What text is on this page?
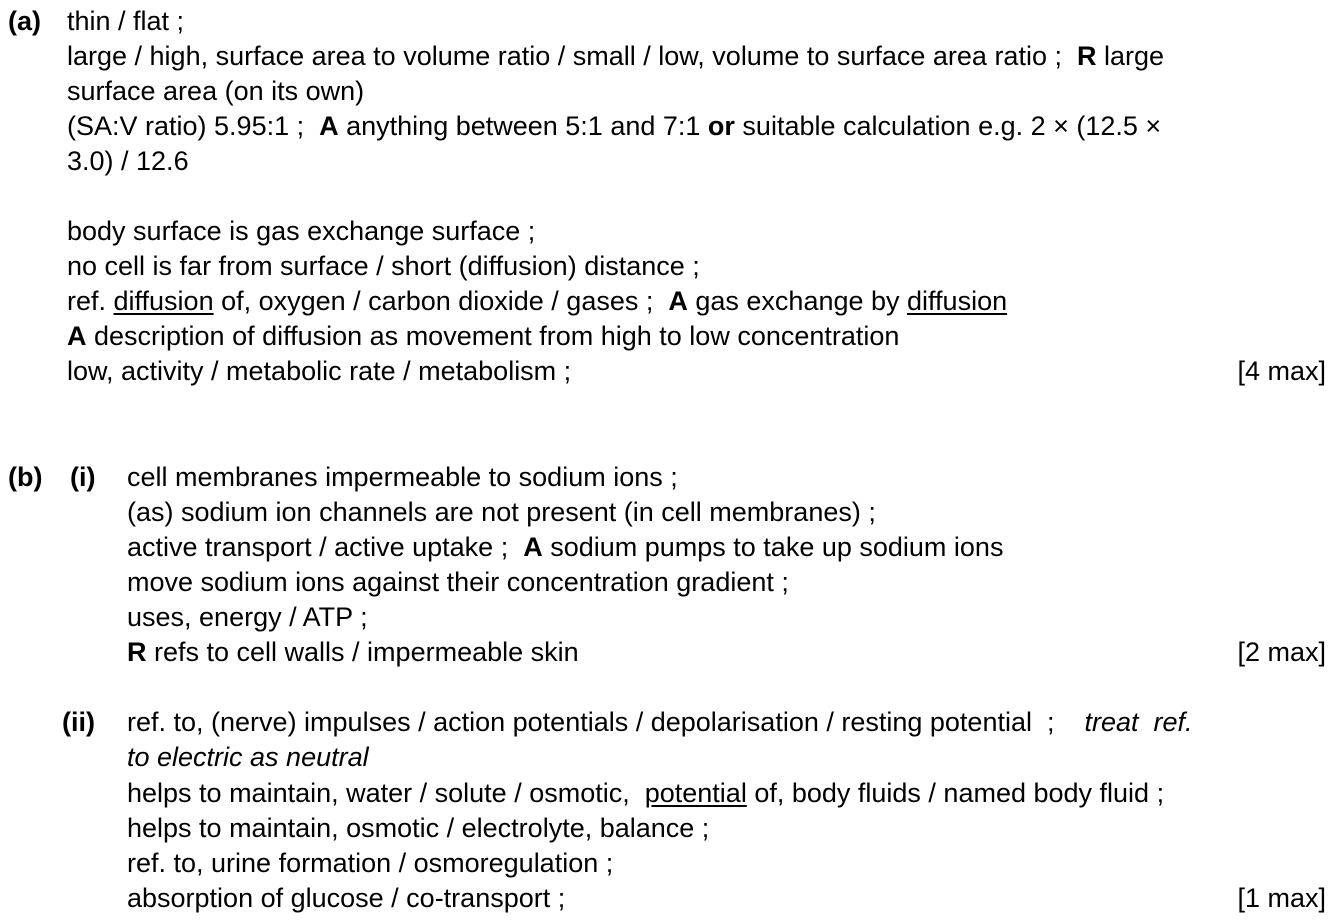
(a) thin / flat ;
large / high, surface area to volume ratio / small / low, volume to surface area ratio ;  R large
surface area (on its own)
(SA:V ratio) 5.95:1 ;  A anything between 5:1 and 7:1 or suitable calculation e.g. 2 × (12.5 ×
3.0) / 12.6
body surface is gas exchange surface ;
no cell is far from surface / short (diffusion) distance ;
ref. diffusion of, oxygen / carbon dioxide / gases ;  A gas exchange by diffusion
A description of diffusion as movement from high to low concentration
low, activity / metabolic rate / metabolism ;	[4 max]
(b) (i) cell membranes impermeable to sodium ions ;
(as) sodium ion channels are not present (in cell membranes) ;
active transport / active uptake ;  A sodium pumps to take up sodium ions
move sodium ions against their concentration gradient ;
uses, energy / ATP ;
R refs to cell walls / impermeable skin	[2 max]
(ii) ref. to, (nerve) impulses / action potentials / depolarisation / resting potential  ;    treat  ref.
to electric as neutral
helps to maintain, water / solute / osmotic,  potential of, body fluids / named body fluid ;
helps to maintain, osmotic / electrolyte, balance ;
ref. to, urine formation / osmoregulation ;
absorption of glucose / co-transport ;	[1 max]
